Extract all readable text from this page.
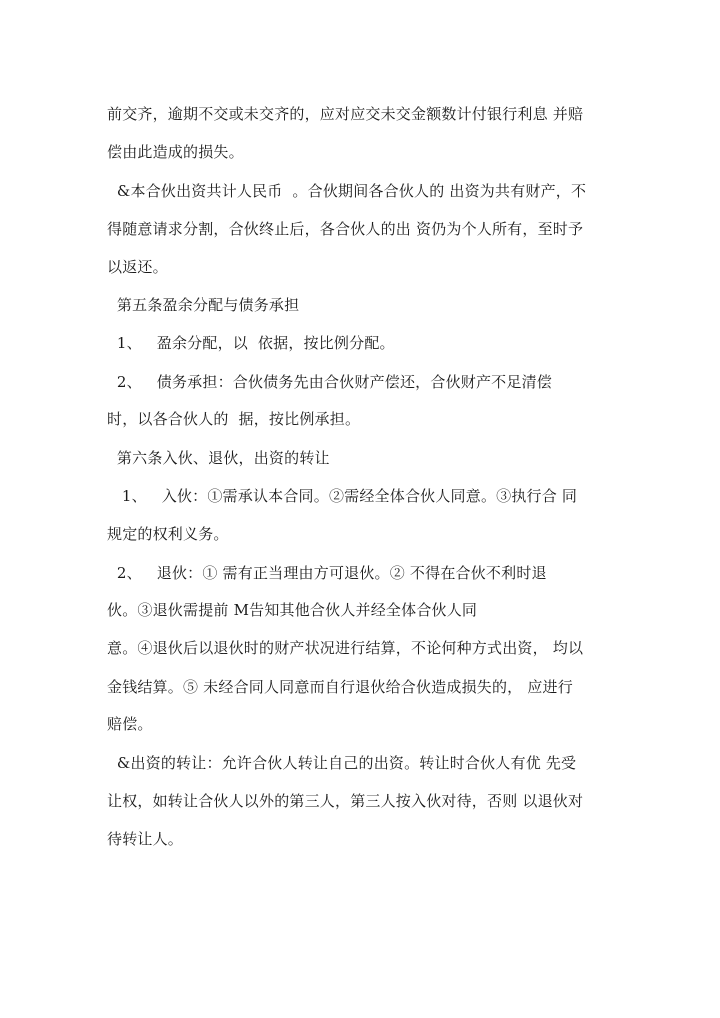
前交齐，逾期不交或未交齐的，应对应交未交金额数计付银行利息 并赔
偿由此造成的损失。
&本合伙出资共计人民币  。合伙期间各合伙人的 出资为共有财产，不
得随意请求分割，合伙终止后，各合伙人的出 资仍为个人所有，至时予
以返还。
第五条盈余分配与债务承担
1、   盈余分配，以  依据，按比例分配。
2、   债务承担：合伙债务先由合伙财产偿还，合伙财产不足清偿
时，以各合伙人的  据，按比例承担。
第六条入伙、退伙，出资的转让
1、   入伙：①需承认本合同。②需经全体合伙人同意。③执行合 同
规定的权利义务。
2、   退伙：① 需有正当理由方可退伙。② 不得在合伙不利时退
伙。③退伙需提前 M告知其他合伙人并经全体合伙人同
意。④退伙后以退伙时的财产状况进行结算，不论何种方式出资， 均以
金钱结算。⑤ 未经合同人同意而自行退伙给合伙造成损失的， 应进行
赔偿。
&出资的转让：允许合伙人转让自己的出资。转让时合伙人有优 先受
让权，如转让合伙人以外的第三人，第三人按入伙对待，否则 以退伙对
待转让人。
